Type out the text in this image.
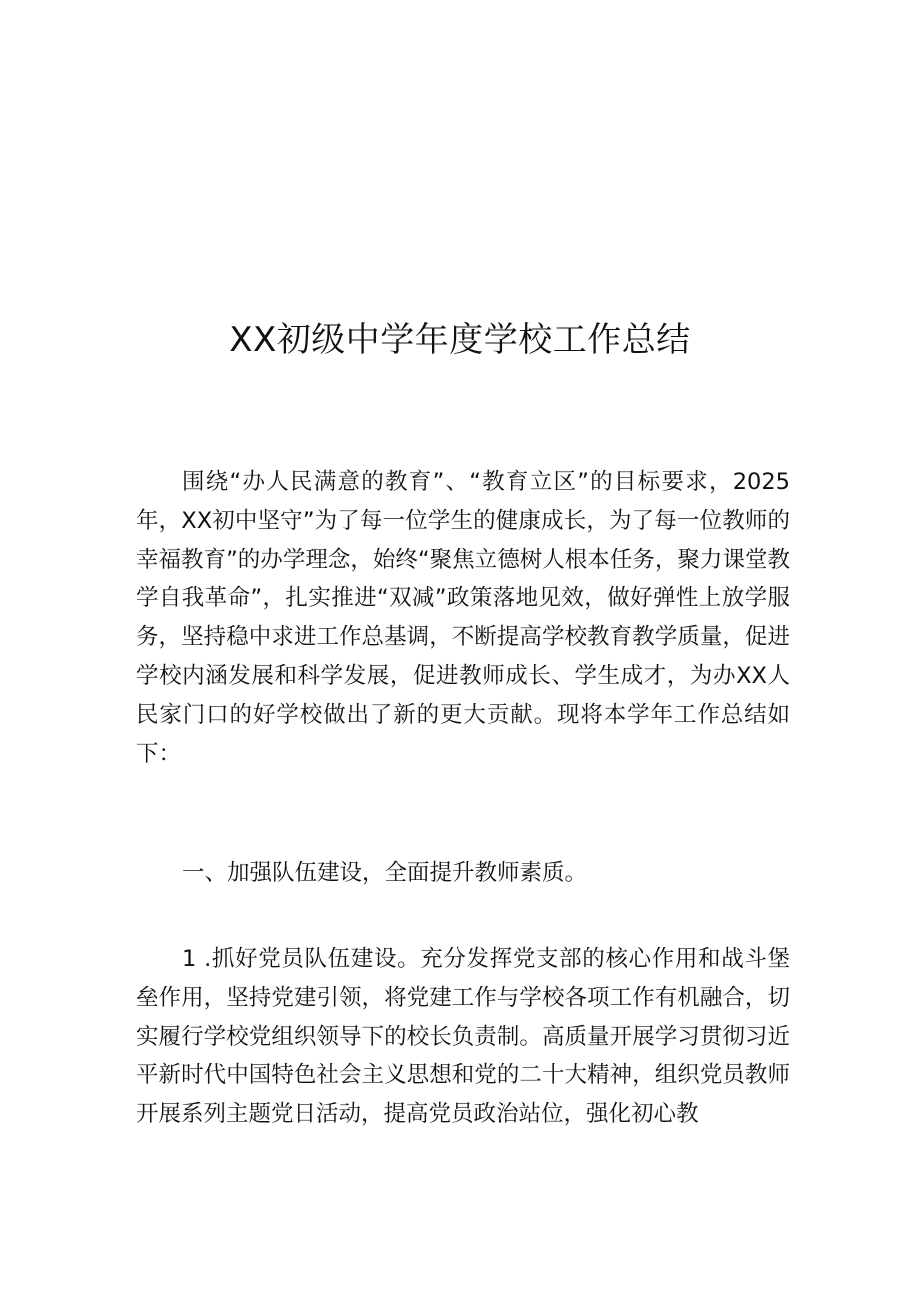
XX初级中学年度学校工作总结

围绕“办人民满意的教育”、“教育立区”的目标要求，2025年，XX初中坚守”为了每一位学生的健康成长，为了每一位教师的幸福教育”的办学理念，始终“聚焦立德树人根本任务，聚力课堂教学自我革命”，扎实推进“双减”政策落地见效，做好弹性上放学服务，坚持稳中求进工作总基调，不断提高学校教育教学质量，促进学校内涵发展和科学发展，促进教师成长、学生成才，为办XX人民家门口的好学校做出了新的更大贡献。现将本学年工作总结如下：

一、加强队伍建设，全面提升教师素质。

1 .抓好党员队伍建设。充分发挥党支部的核心作用和战斗堡垒作用，坚持党建引领，将党建工作与学校各项工作有机融合，切实履行学校党组织领导下的校长负责制。高质量开展学习贯彻习近平新时代中国特色社会主义思想和党的二十大精神，组织党员教师开展系列主题党日活动，提高党员政治站位，强化初心教
